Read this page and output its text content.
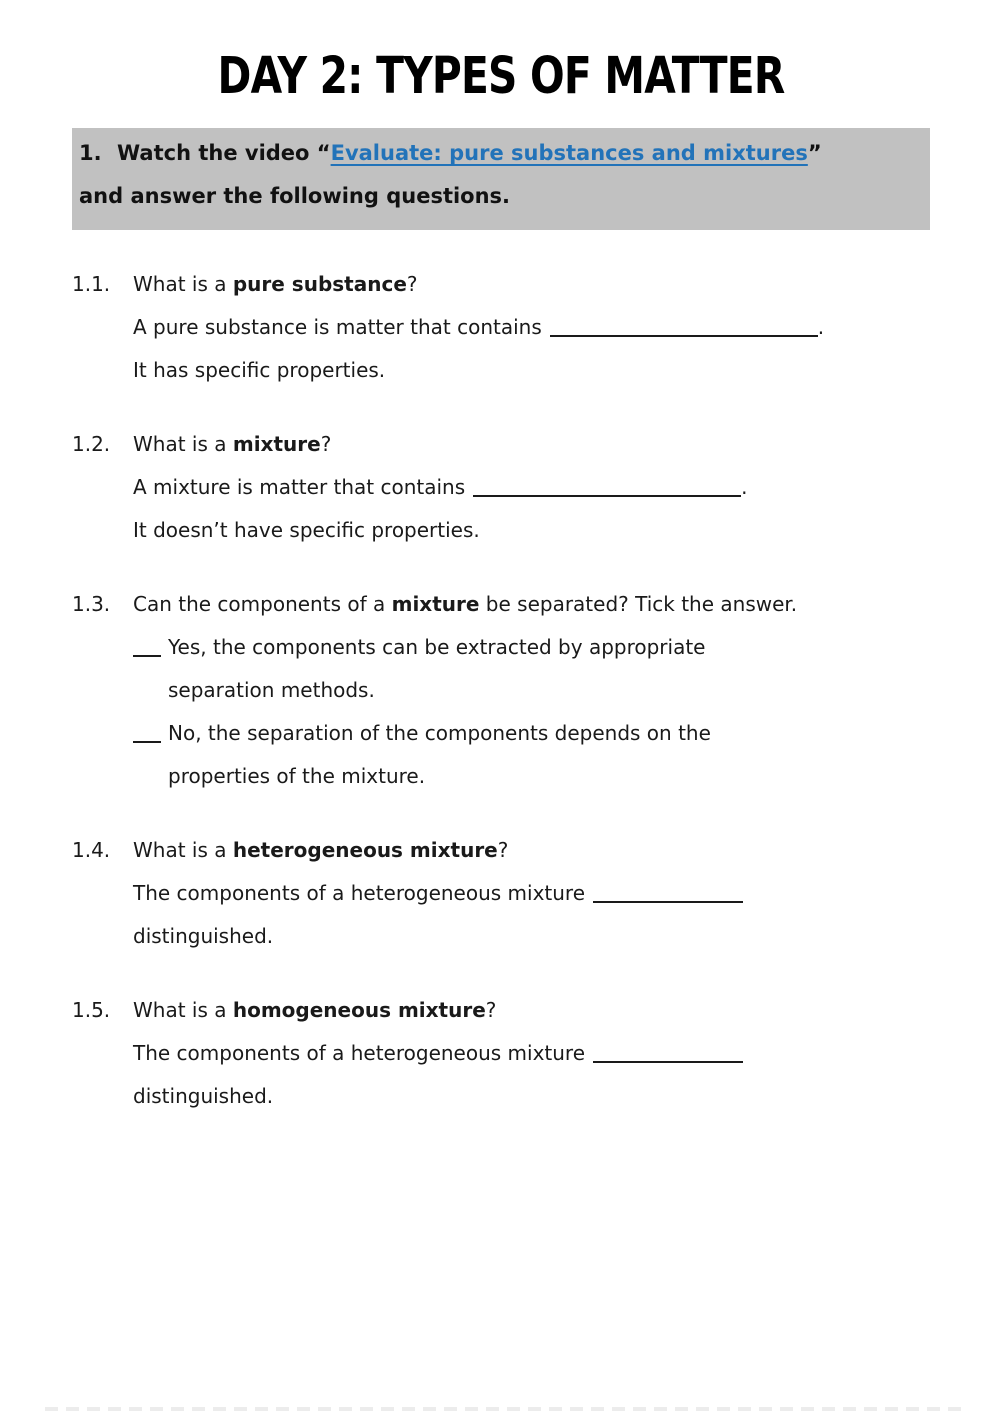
DAY 2: TYPES OF MATTER
1. Watch the video “Evaluate: pure substances and mixtures”
and answer the following questions.
1.1.	What is a pure substance?
A pure substance is matter that contains	.
It has specific properties.
1.2.	What is a mixture?
A mixture is matter that contains	.
It doesn’t have specific properties.
1.3.	Can the components of a mixture be separated? Tick the answer.
Yes, the components can be extracted by appropriate
separation methods.
No, the separation of the components depends on the
properties of the mixture.
1.4.	What is a heterogeneous mixture?
The components of a heterogeneous mixture
distinguished.
1.5.	What is a homogeneous mixture?
The components of a heterogeneous mixture
distinguished.
